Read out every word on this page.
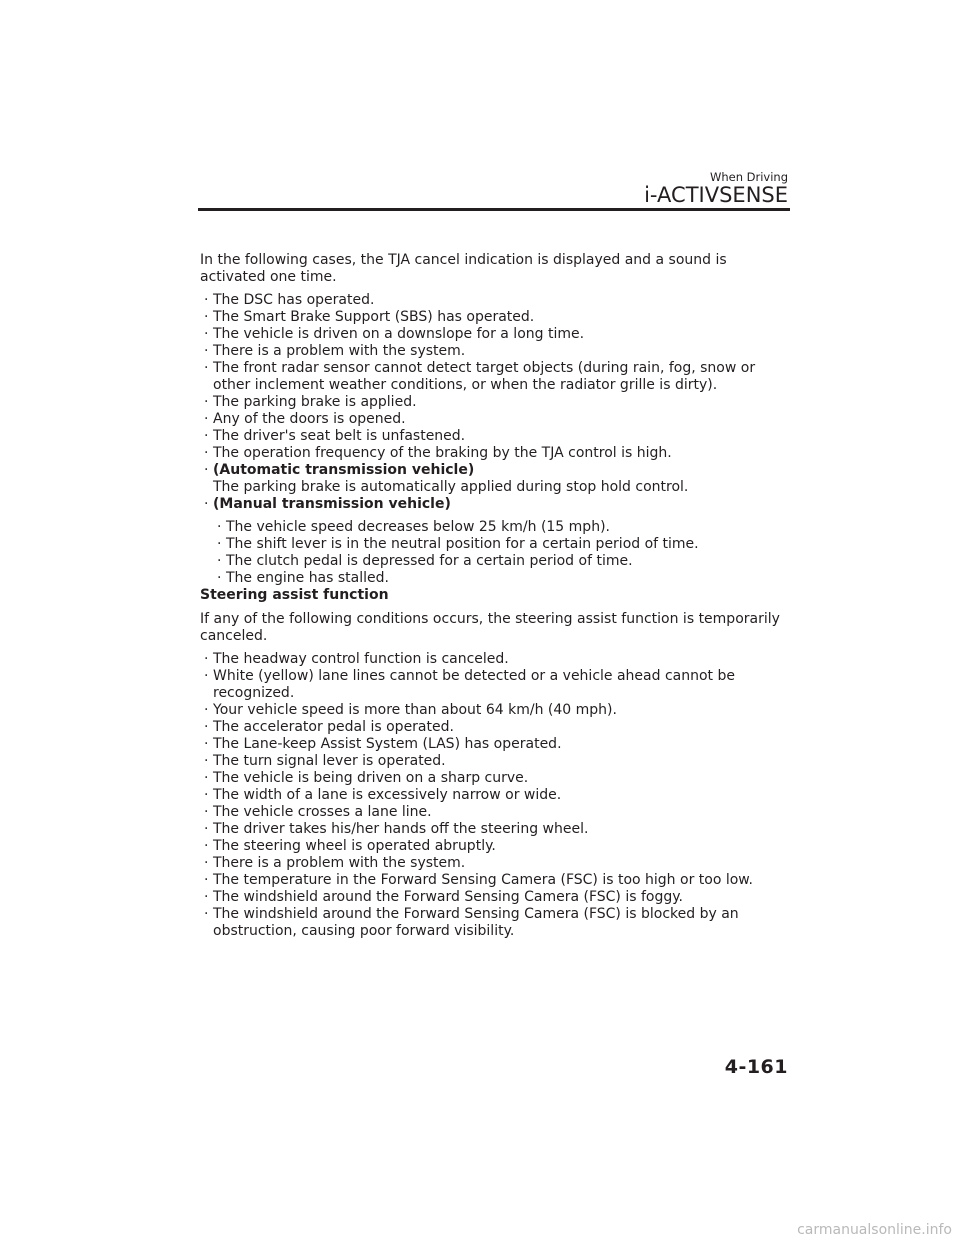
When Driving
i-ACTIVSENSE

In the following cases, the TJA cancel indication is displayed and a sound is activated one time.

· The DSC has operated.
· The Smart Brake Support (SBS) has operated.
· The vehicle is driven on a downslope for a long time.
· There is a problem with the system.
· The front radar sensor cannot detect target objects (during rain, fog, snow or other inclement weather conditions, or when the radiator grille is dirty).
· The parking brake is applied.
· Any of the doors is opened.
· The driver's seat belt is unfastened.
· The operation frequency of the braking by the TJA control is high.
· (Automatic transmission vehicle)
The parking brake is automatically applied during stop hold control.
· (Manual transmission vehicle)
· The vehicle speed decreases below 25 km/h (15 mph).
· The shift lever is in the neutral position for a certain period of time.
· The clutch pedal is depressed for a certain period of time.
· The engine has stalled.
Steering assist function

If any of the following conditions occurs, the steering assist function is temporarily canceled.

· The headway control function is canceled.
· White (yellow) lane lines cannot be detected or a vehicle ahead cannot be recognized.
· Your vehicle speed is more than about 64 km/h (40 mph).
· The accelerator pedal is operated.
· The Lane-keep Assist System (LAS) has operated.
· The turn signal lever is operated.
· The vehicle is being driven on a sharp curve.
· The width of a lane is excessively narrow or wide.
· The vehicle crosses a lane line.
· The driver takes his/her hands off the steering wheel.
· The steering wheel is operated abruptly.
· There is a problem with the system.
· The temperature in the Forward Sensing Camera (FSC) is too high or too low.
· The windshield around the Forward Sensing Camera (FSC) is foggy.
· The windshield around the Forward Sensing Camera (FSC) is blocked by an obstruction, causing poor forward visibility.
4-161
carmanualsonline.info
